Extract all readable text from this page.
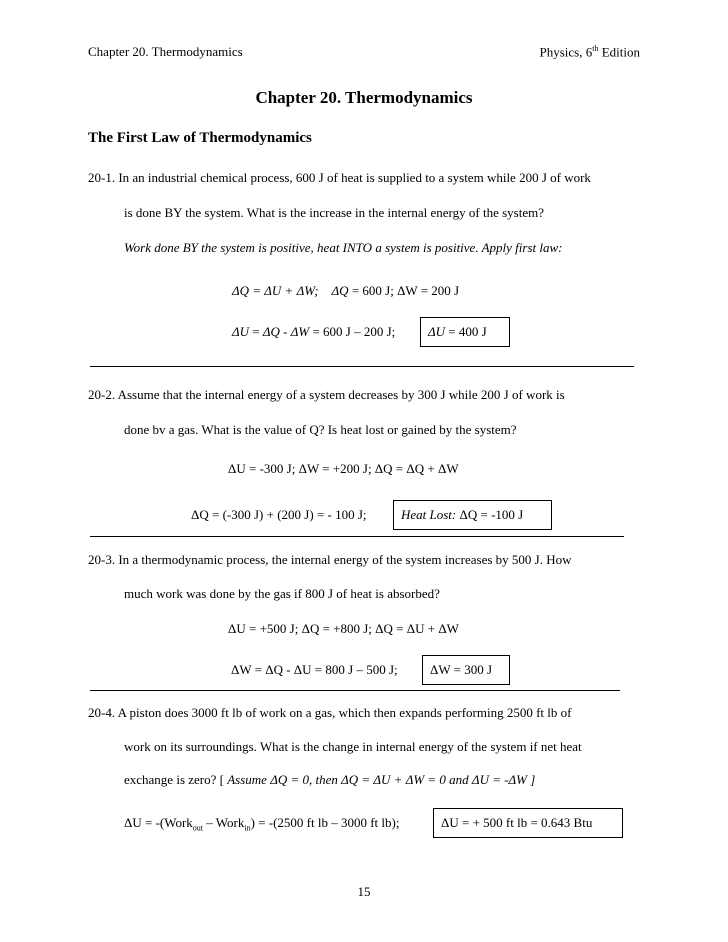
Chapter 20. Thermodynamics	Physics, 6th Edition
Chapter 20. Thermodynamics
The First Law of Thermodynamics
20-1. In an industrial chemical process, 600 J of heat is supplied to a system while 200 J of work
is done BY the system. What is the increase in the internal energy of the system?
Work done BY the system is positive, heat INTO a system is positive. Apply first law:
ΔQ = ΔU + ΔW; ΔQ = 600 J; ΔW = 200 J
ΔU = ΔQ - ΔW = 600 J – 200 J;	ΔU = 400 J
20-2. Assume that the internal energy of a system decreases by 300 J while 200 J of work is
done bv a gas. What is the value of Q? Is heat lost or gained by the system?
ΔU = -300 J; ΔW = +200 J; ΔQ = ΔQ + ΔW
ΔQ = (-300 J) + (200 J) = - 100 J;	Heat Lost: ΔQ = -100 J
20-3. In a thermodynamic process, the internal energy of the system increases by 500 J. How
much work was done by the gas if 800 J of heat is absorbed?
ΔU = +500 J; ΔQ = +800 J; ΔQ = ΔU + ΔW
ΔW = ΔQ - ΔU = 800 J – 500 J;	ΔW = 300 J
20-4. A piston does 3000 ft lb of work on a gas, which then expands performing 2500 ft lb of
work on its surroundings. What is the change in internal energy of the system if net heat
exchange is zero? [ Assume ΔQ = 0, then ΔQ = ΔU + ΔW = 0 and ΔU = -ΔW ]
ΔU = -(Work$_{out}$ – Work$_{in}$) = -(2500 ft lb – 3000 ft lb);	ΔU = + 500 ft lb = 0.643 Btu
15
